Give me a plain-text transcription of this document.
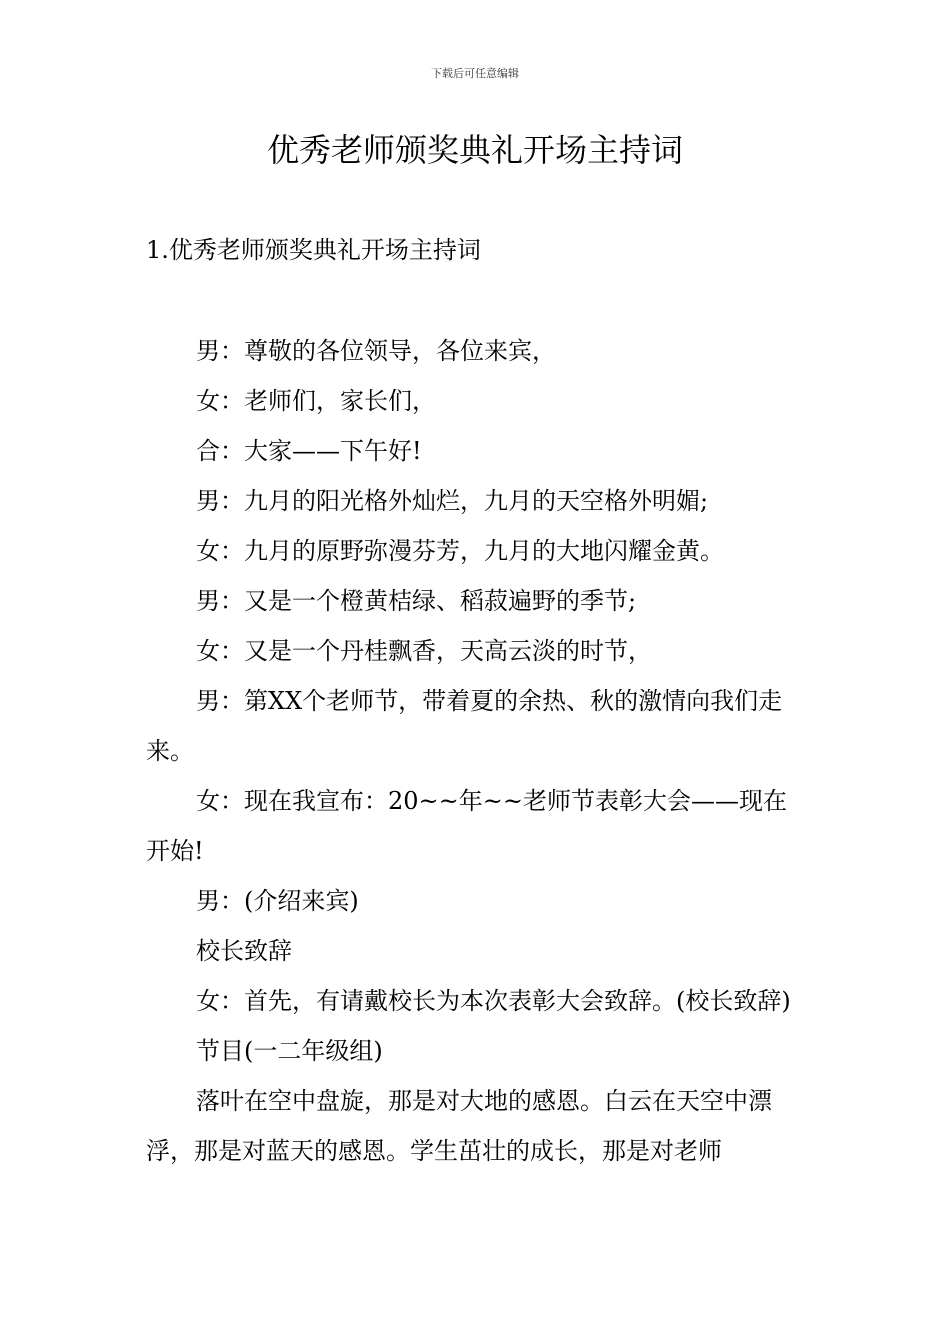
下载后可任意编辑
优秀老师颁奖典礼开场主持词

1.优秀老师颁奖典礼开场主持词

男：尊敬的各位领导，各位来宾，

女：老师们，家长们，

合：大家——下午好!

男：九月的阳光格外灿烂，九月的天空格外明媚;

女：九月的原野弥漫芬芳，九月的大地闪耀金黄。

男：又是一个橙黄桔绿、稻菽遍野的季节;

女：又是一个丹桂飘香，天高云淡的时节，

男：第XX个老师节，带着夏的余热、秋的激情向我们走来。

女：现在我宣布：20~~年~~老师节表彰大会——现在开始!

男：(介绍来宾)

校长致辞

女：首先，有请戴校长为本次表彰大会致辞。(校长致辞)

节目(一二年级组)

落叶在空中盘旋，那是对大地的感恩。白云在天空中漂浮，那是对蓝天的感恩。学生茁壮的成长，那是对老师
